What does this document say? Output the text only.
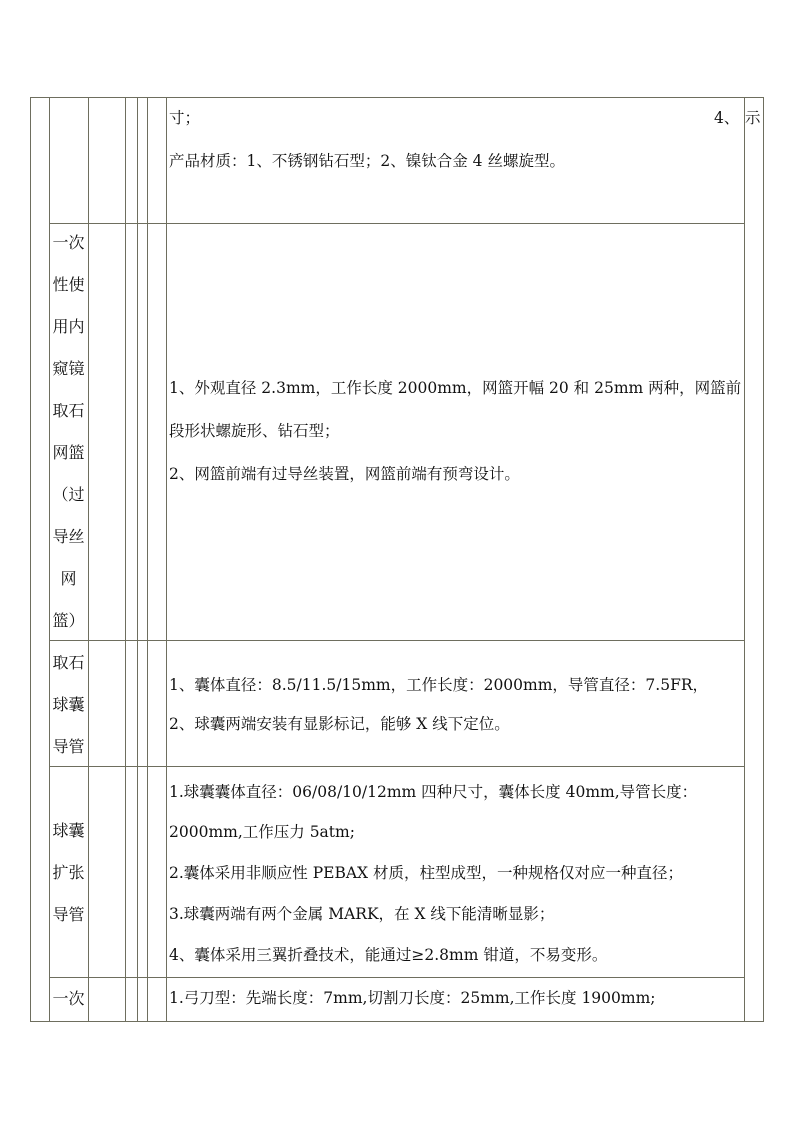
寸；	4、 示
产品材质：1、不锈钢钻石型；2、镍钛合金 4 丝螺旋型。
一次
性使
用内
窥镜
取石
网篮
（过
导丝
网
篮）
1、外观直径 2.3mm，工作长度 2000mm，网篮开幅 20 和 25mm 两种，网篮前
段形状螺旋形、钻石型；
2、网篮前端有过导丝装置，网篮前端有预弯设计。
取石
球囊
导管
1、囊体直径：8.5/11.5/15mm，工作长度：2000mm，导管直径：7.5FR，
2、球囊两端安装有显影标记，能够 X 线下定位。
球囊
扩张
导管
1.球囊囊体直径：06/08/10/12mm 四种尺寸，囊体长度 40mm,导管长度：
2000mm,工作压力 5atm;
2.囊体采用非顺应性 PEBAX 材质，柱型成型，一种规格仅对应一种直径；
3.球囊两端有两个金属 MARK，在 X 线下能清晰显影；
4、囊体采用三翼折叠技术，能通过≥2.8mm 钳道，不易变形。
一次	1.弓刀型：先端长度：7mm,切割刀长度：25mm,工作长度 1900mm;
